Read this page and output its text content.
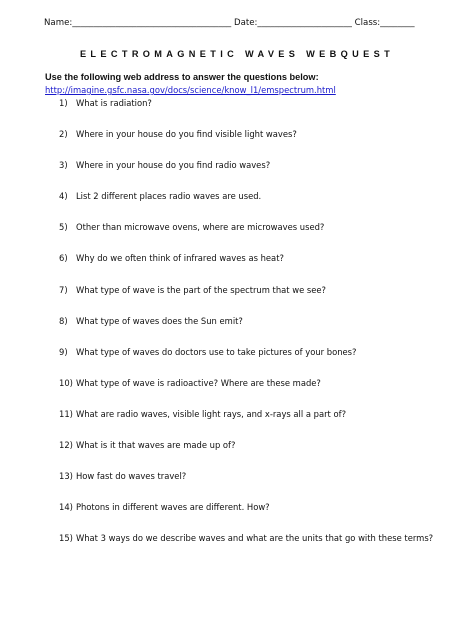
Name:_____________________________________ Date:______________________ Class:________
ELECTROMAGNETIC WAVES WEBQUEST
Use the following web address to answer the questions below:
http://imagine.gsfc.nasa.gov/docs/science/know_l1/emspectrum.html
1) What is radiation?
2) Where in your house do you find visible light waves?
3) Where in your house do you find radio waves?
4) List 2 different places radio waves are used.
5) Other than microwave ovens, where are microwaves used?
6) Why do we often think of infrared waves as heat?
7) What type of wave is the part of the spectrum that we see?
8) What type of waves does the Sun emit?
9) What type of waves do doctors use to take pictures of your bones?
10) What type of wave is radioactive? Where are these made?
11) What are radio waves, visible light rays, and x-rays all a part of?
12) What is it that waves are made up of?
13) How fast do waves travel?
14) Photons in different waves are different. How?
15) What 3 ways do we describe waves and what are the units that go with these terms?
